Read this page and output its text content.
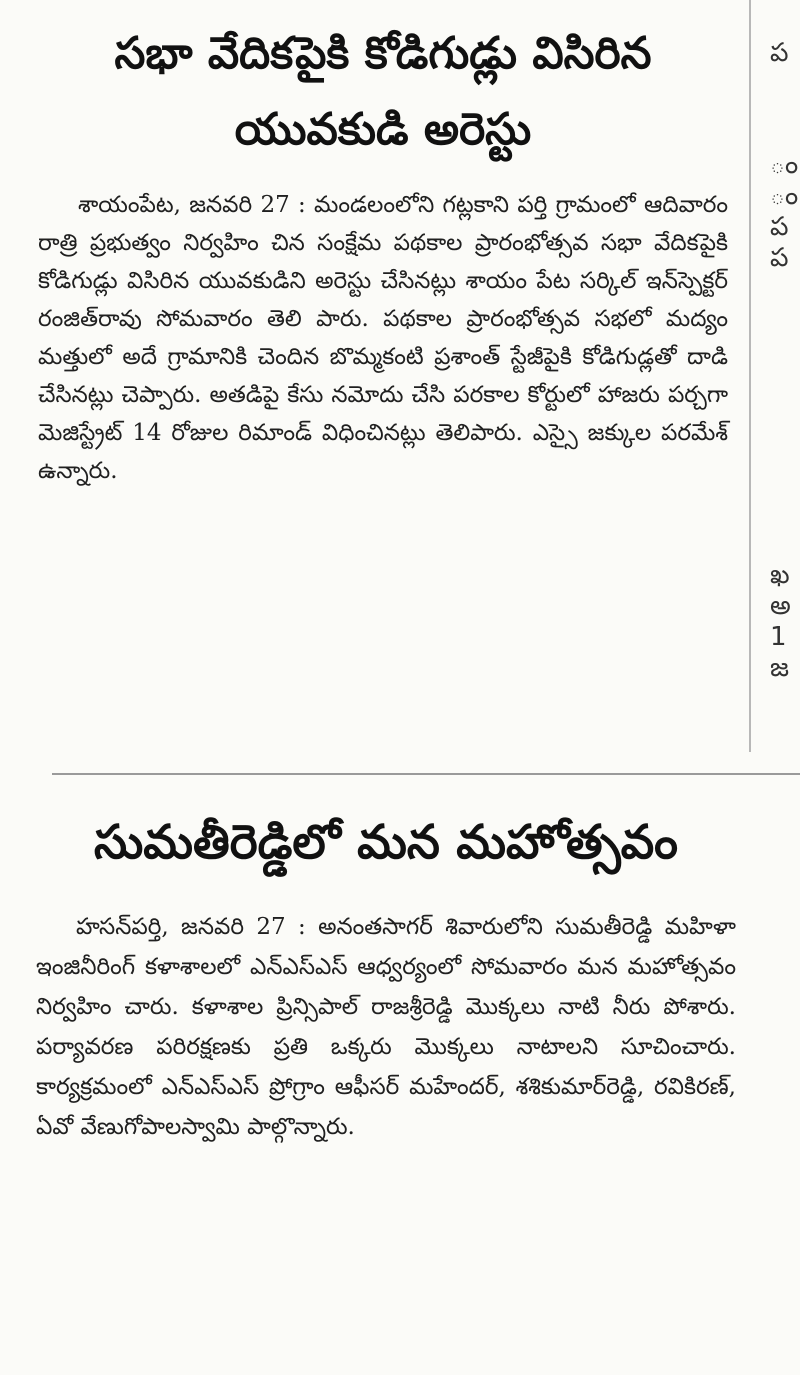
ప
ం
ం
ప
ప
ఖ
అ
1
జ
సభా వేదికపైకి కోడిగుడ్లు విసిరిన
యువకుడి అరెస్టు

శాయంపేట, జనవరి 27 : మండలంలోని గట్లకాని పర్తి గ్రామంలో ఆదివారం రాత్రి ప్రభుత్వం నిర్వహిం చిన సంక్షేమ పథకాల ప్రారంభోత్సవ సభా వేదికపైకి కోడిగుడ్లు విసిరిన యువకుడిని అరెస్టు చేసినట్లు శాయం పేట సర్కిల్ ఇన్‌స్పెక్టర్ రంజిత్‌రావు సోమవారం తెలి పారు. పథకాల ప్రారంభోత్సవ సభలో మద్యం మత్తులో అదే గ్రామానికి చెందిన బొమ్మకంటి ప్రశాంత్ స్టేజీపైకి కోడిగుడ్లతో దాడి చేసినట్లు చెప్పారు. అతడిపై కేసు నమోదు చేసి పరకాల కోర్టులో హాజరు పర్చగా మెజిస్ట్రేట్ 14 రోజుల రిమాండ్ విధించినట్లు తెలిపారు. ఎస్సై జక్కుల పరమేశ్ ఉన్నారు.

సుమతీరెడ్డిలో మన మహోత్సవం

హసన్‌పర్తి, జనవరి 27 : అనంతసాగర్ శివారులోని సుమతీరెడ్డి మహిళా ఇంజినీరింగ్ కళాశాలలో ఎన్ఎస్ఎస్ ఆధ్వర్యంలో సోమవారం మన మహోత్సవం నిర్వహిం చారు. కళాశాల ప్రిన్సిపాల్ రాజశ్రీరెడ్డి మొక్కలు నాటి నీరు పోశారు. పర్యావరణ పరిరక్షణకు ప్రతి ఒక్కరు మొక్కలు నాటాలని సూచించారు. కార్యక్రమంలో ఎన్ఎస్ఎస్ ప్రోగ్రాం ఆఫీసర్ మహేందర్, శశికుమార్‌రెడ్డి, రవికిరణ్, ఏవో వేణుగోపాలస్వామి పాల్గొన్నారు.
